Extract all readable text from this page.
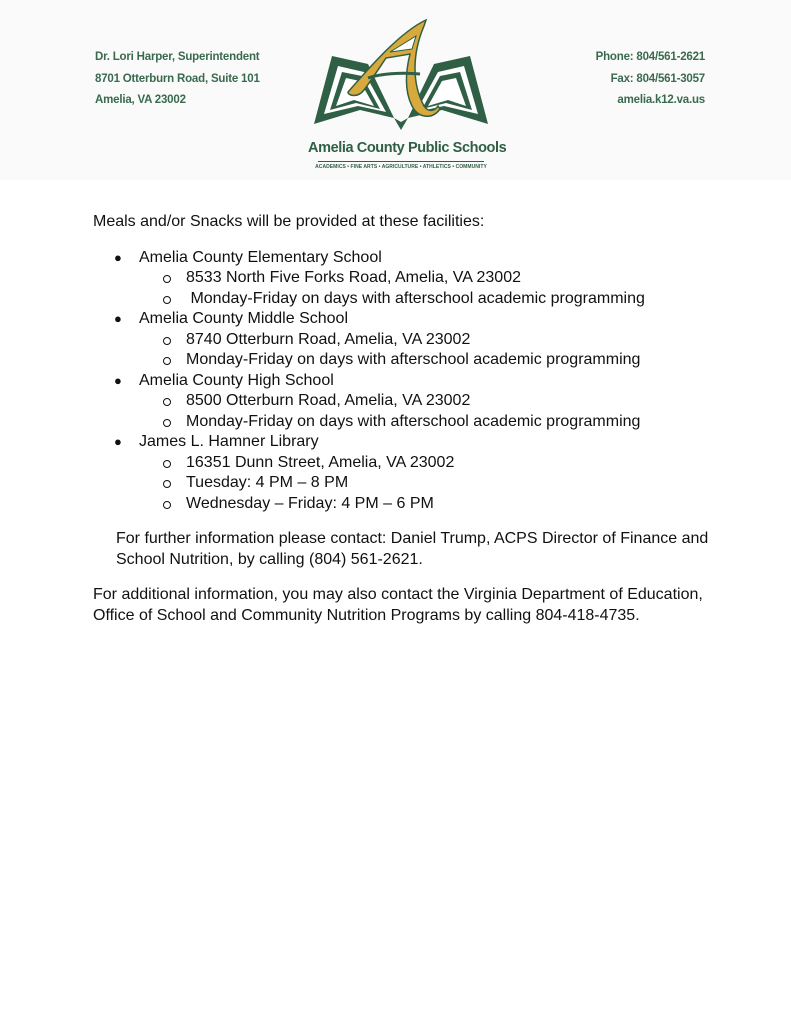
Dr. Lori Harper, Superintendent
8701 Otterburn Road, Suite 101
Amelia, VA 23002
Amelia County Public Schools
ACADEMICS • FINE ARTS • AGRICULTURE • ATHLETICS • COMMUNITY
Phone: 804/561-2621
Fax: 804/561-3057
amelia.k12.va.us

Meals and/or Snacks will be provided at these facilities:

● Amelia County Elementary School
8533 North Five Forks Road, Amelia, VA 23002
Monday-Friday on days with afterschool academic programming
● Amelia County Middle School
8740 Otterburn Road, Amelia, VA 23002
Monday-Friday on days with afterschool academic programming
● Amelia County High School
8500 Otterburn Road, Amelia, VA 23002
Monday-Friday on days with afterschool academic programming
● James L. Hamner Library
16351 Dunn Street, Amelia, VA 23002
Tuesday: 4 PM – 8 PM
Wednesday – Friday: 4 PM – 6 PM

For further information please contact: Daniel Trump, ACPS Director of Finance and School Nutrition, by calling (804) 561-2621.

For additional information, you may also contact the Virginia Department of Education, Office of School and Community Nutrition Programs by calling 804-418-4735.
